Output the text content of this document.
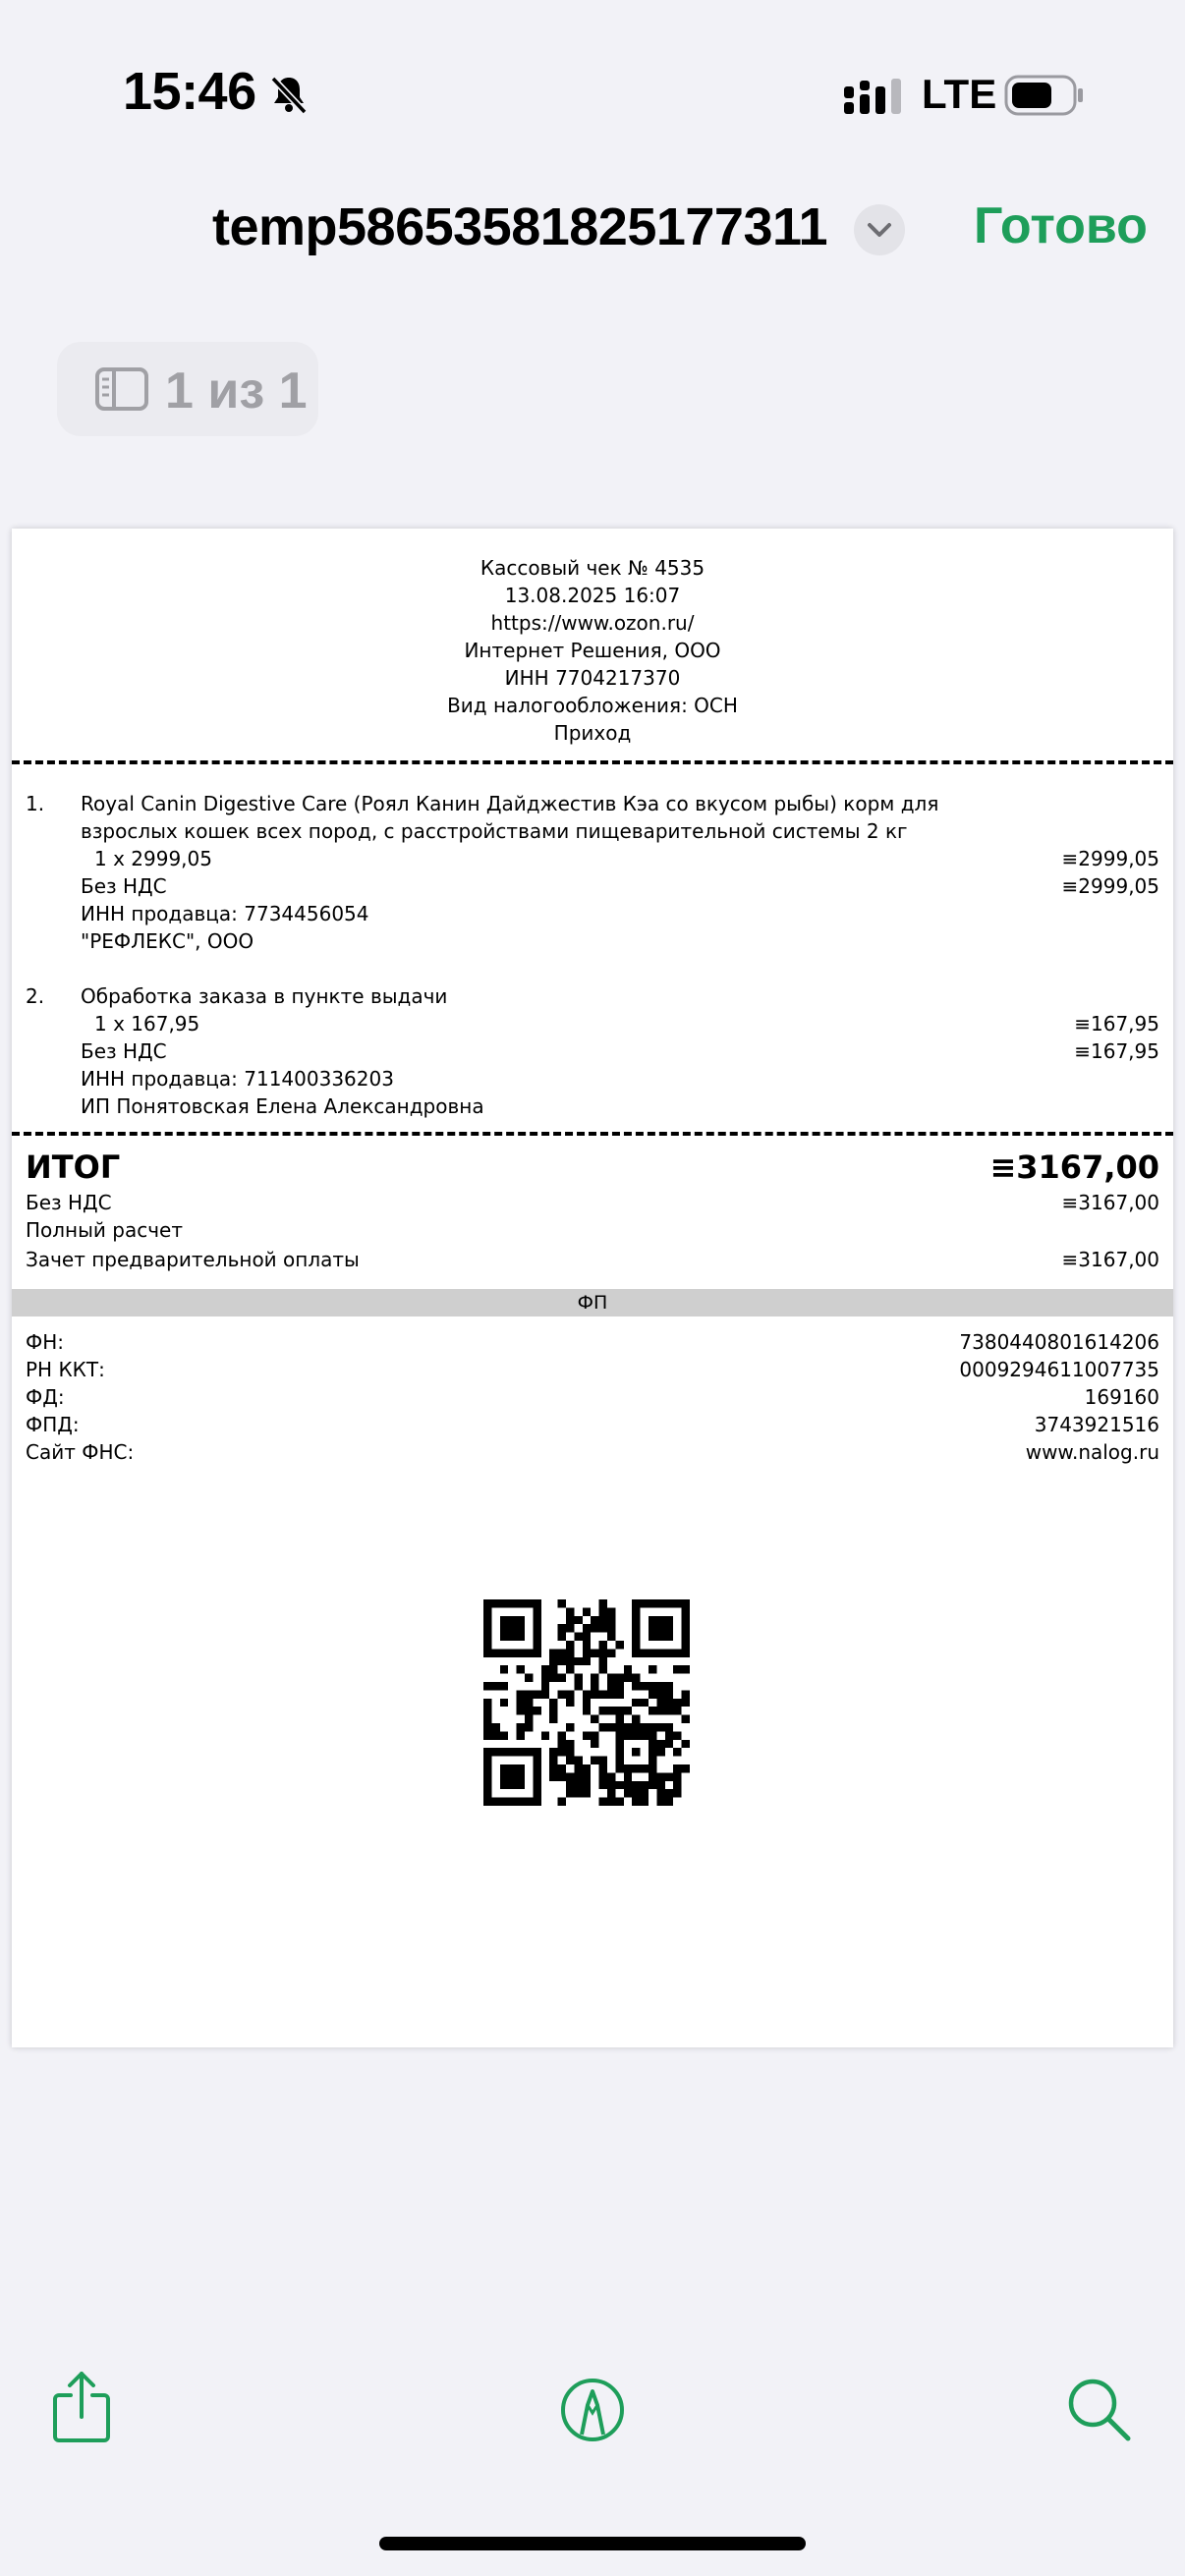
15:46	LTE
temp58653581825177311	Готово
1 из 1
Кассовый чек № 4535
13.08.2025 16:07
https://www.ozon.ru/
Интернет Решения, ООО
ИНН 7704217370
Вид налогообложения: ОСН
Приход
1. Royal Canin Digestive Care (Роял Канин Дайджестив Кэа со вкусом рыбы) корм для
взрослых кошек всех пород, с расстройствами пищеварительной системы 2 кг
1 x 2999,05	≡2999,05
Без НДС	≡2999,05
ИНН продавца: 7734456054
"РЕФЛЕКС", ООО
2. Обработка заказа в пункте выдачи
1 x 167,95	≡167,95
Без НДС	≡167,95
ИНН продавца: 711400336203
ИП Понятовская Елена Александровна
ИТОГ	≡3167,00
Без НДС	≡3167,00
Полный расчет
Зачет предварительной оплаты	≡3167,00
ФП
ФН:	7380440801614206
РН ККТ:	0009294611007735
ФД:	169160
ФПД:	3743921516
Сайт ФНС:	www.nalog.ru
